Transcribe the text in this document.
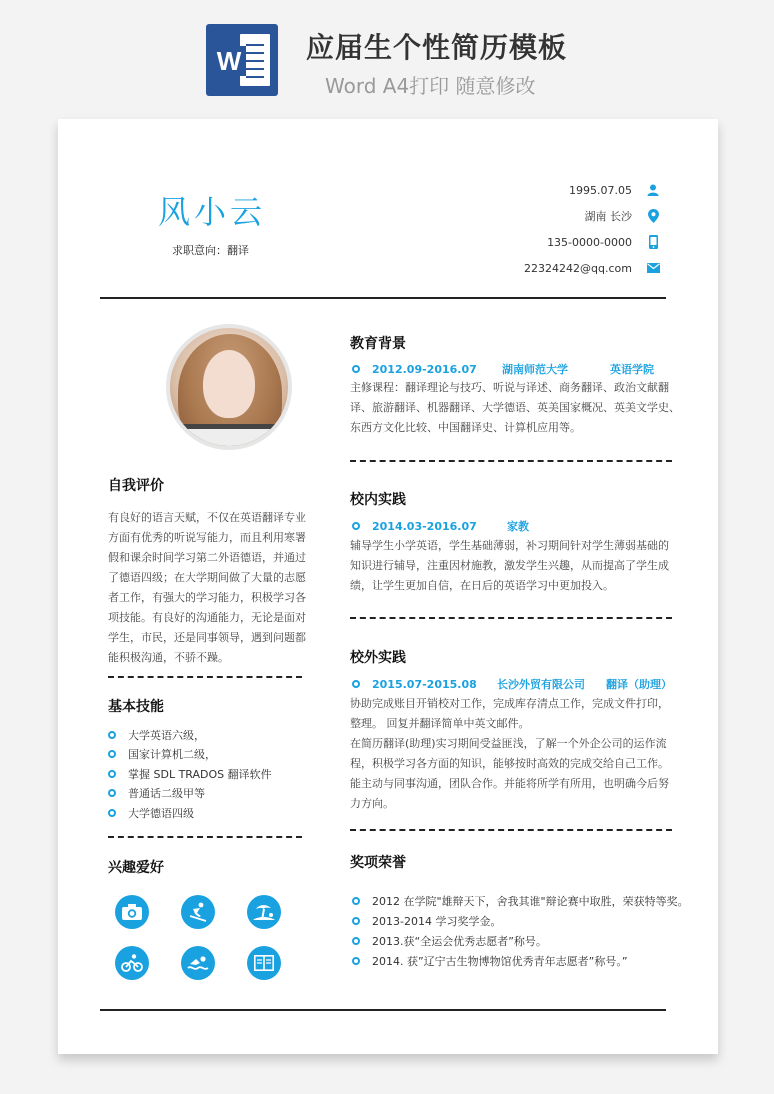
W 应届生个性简历模板
Word A4打印 随意修改
风小云
求职意向：翻译
1995.07.05
湖南 长沙
135-0000-0000
22324242@qq.com
自我评价
有良好的语言天赋，不仅在英语翻译专业
方面有优秀的听说写能力，而且利用寒署
假和课余时间学习第二外语德语，并通过
了德语四级；在大学期间做了大量的志愿
者工作，有强大的学习能力，积极学习各
项技能。有良好的沟通能力，无论是面对
学生，市民，还是同事领导，遇到问题都
能积极沟通，不骄不躁。
基本技能
大学英语六级，
国家计算机二级，
掌握 SDL TRADOS 翻译软件
普通话二级甲等
大学德语四级
兴趣爱好
教育背景
2012.09-2016.07	湖南师范大学	英语学院
主修课程：翻译理论与技巧、听说与译述、商务翻译、政治文献翻
译、旅游翻译、机器翻译、大学德语、英美国家概况、英美文学史、
东西方文化比较、中国翻译史、计算机应用等。
校内实践
2014.03-2016.07	家教
辅导学生小学英语，学生基础薄弱，补习期间针对学生薄弱基础的
知识进行辅导，注重因材施教，激发学生兴趣，从而提高了学生成
绩，让学生更加自信，在日后的英语学习中更加投入。
校外实践
2015.07-2015.08	长沙外贸有限公司	翻译（助理）
协助完成账目开销校对工作，完成库存清点工作，完成文件打印，
整理。 回复并翻译简单中英文邮件。
在简历翻译(助理)实习期间受益匪浅，了解一个外企公司的运作流
程，积极学习各方面的知识，能够按时高效的完成交给自己工作。
能主动与同事沟通，团队合作。并能将所学有所用，也明确今后努
力方向。
奖项荣誉
2012 在学院"雄辩天下，舍我其谁"辩论赛中取胜，荣获特等奖。
2013-2014 学习奖学金。
2013.获“全运会优秀志愿者”称号。
2014. 获”辽宁古生物博物馆优秀青年志愿者”称号。”
